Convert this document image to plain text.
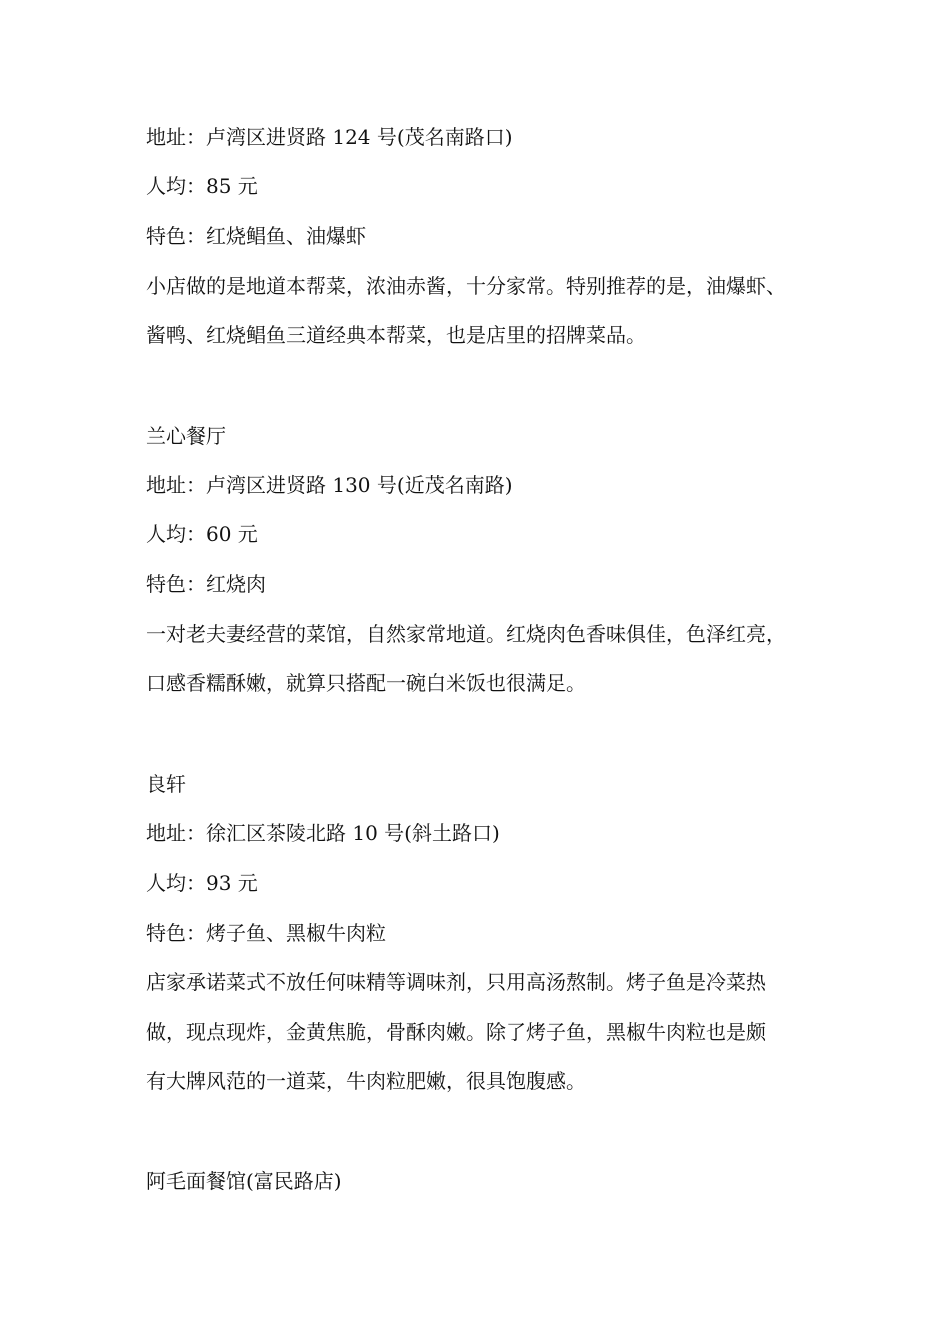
地址：卢湾区进贤路 124 号(茂名南路口)
人均：85 元
特色：红烧鲳鱼、油爆虾
小店做的是地道本帮菜，浓油赤酱，十分家常。特别推荐的是，油爆虾、
酱鸭、红烧鲳鱼三道经典本帮菜，也是店里的招牌菜品。
兰心餐厅
地址：卢湾区进贤路 130 号(近茂名南路)
人均：60 元
特色：红烧肉
一对老夫妻经营的菜馆，自然家常地道。红烧肉色香味俱佳，色泽红亮，
口感香糯酥嫩，就算只搭配一碗白米饭也很满足。
良轩
地址：徐汇区茶陵北路 10 号(斜土路口)
人均：93 元
特色：烤子鱼、黑椒牛肉粒
店家承诺菜式不放任何味精等调味剂，只用高汤熬制。烤子鱼是冷菜热
做，现点现炸，金黄焦脆，骨酥肉嫩。除了烤子鱼，黑椒牛肉粒也是颇
有大牌风范的一道菜，牛肉粒肥嫩，很具饱腹感。
阿毛面餐馆(富民路店)
